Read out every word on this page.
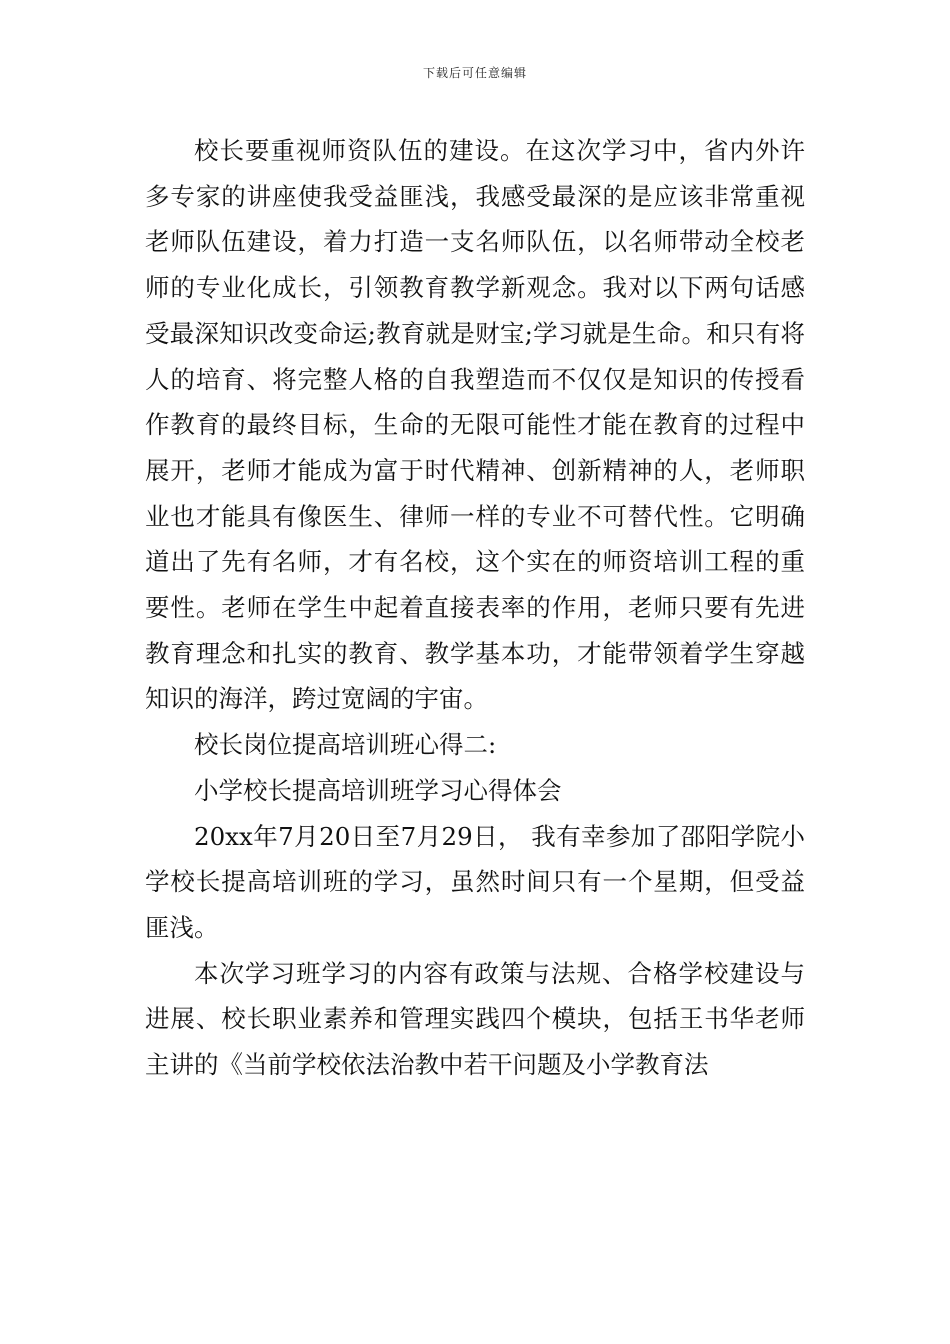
下载后可任意编辑

校长要重视师资队伍的建设。在这次学习中，省内外许多专家的讲座使我受益匪浅，我感受最深的是应该非常重视老师队伍建设，着力打造一支名师队伍，以名师带动全校老师的专业化成长，引领教育教学新观念。我对以下两句话感受最深知识改变命运;教育就是财宝;学习就是生命。和只有将人的培育、将完整人格的自我塑造而不仅仅是知识的传授看作教育的最终目标，生命的无限可能性才能在教育的过程中展开，老师才能成为富于时代精神、创新精神的人，老师职业也才能具有像医生、律师一样的专业不可替代性。它明确道出了先有名师，才有名校，这个实在的师资培训工程的重要性。老师在学生中起着直接表率的作用，老师只要有先进教育理念和扎实的教育、教学基本功，才能带领着学生穿越知识的海洋，跨过宽阔的宇宙。

校长岗位提高培训班心得二:

小学校长提高培训班学习心得体会

20xx年7月20日至7月29日， 我有幸参加了邵阳学院小学校长提高培训班的学习，虽然时间只有一个星期，但受益匪浅。

本次学习班学习的内容有政策与法规、合格学校建设与进展、校长职业素养和管理实践四个模块，包括王书华老师主讲的《当前学校依法治教中若干问题及小学教育法
